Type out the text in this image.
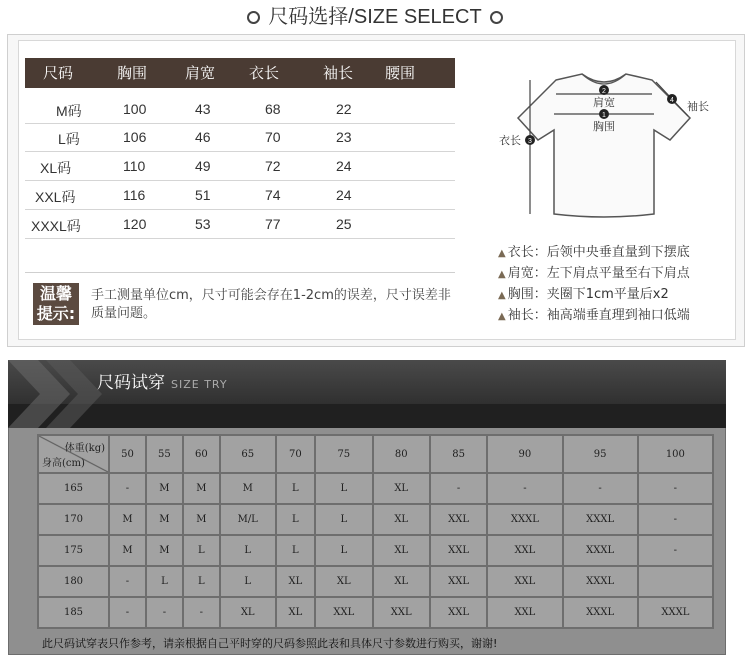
尺码选择/SIZE SELECT
尺码	胸围	肩宽	衣长	袖长	腰围
M码	100	43	68	22
L码	106	46	70	23
XL码	110	49	72	24
XXL码	116	51	74	24
XXXL码	120	53	77	25
温馨
提示:
手工测量单位cm，尺寸可能会存在1-2cm的误差，尺寸误差非质量问题。
2
1
3
4
肩宽
胸围
衣长
袖长
▲ 衣长：后领中央垂直量到下摆底
▲ 肩宽：左下肩点平量至右下肩点
▲ 胸围：夹圈下1cm平量后x2
▲ 袖长：袖高端垂直理到袖口低端
尺码试穿 SIZE TRY
体重(kg)
身高(cm)	50	55	60	65	70	75	80	85	90	95	100
165	-	M	M	M	L	L	XL	-	-	-	-
170	M	M	M	M/L	L	L	XL	XXL	XXXL	XXXL	-
175	M	M	L	L	L	L	XL	XXL	XXL	XXXL	-
180	-	L	L	L	XL	XL	XL	XXL	XXL	XXXL	
185	-	-	-	XL	XL	XXL	XXL	XXL	XXL	XXXL	XXXL
此尺码试穿表只作参考，请亲根据自己平时穿的尺码参照此表和具体尺寸参数进行购买，谢谢!
